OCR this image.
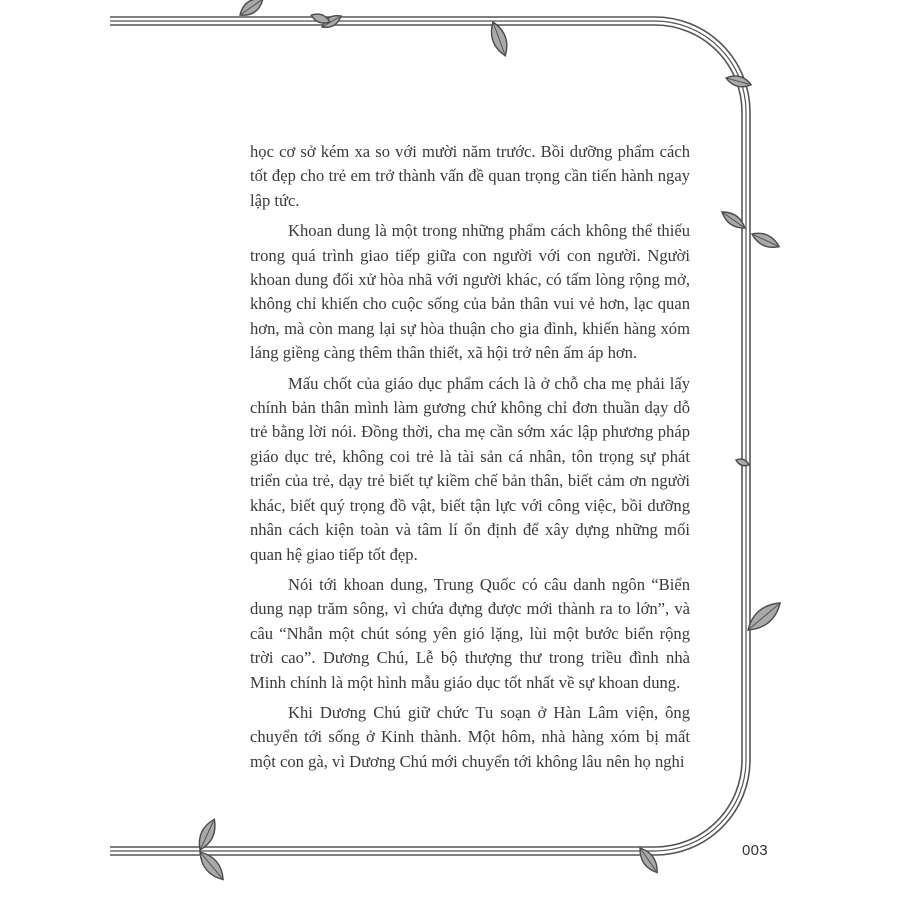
học cơ sở kém xa so với mười năm trước. Bồi dưỡng phẩm cách tốt đẹp cho trẻ em trở thành vấn đề quan trọng cần tiến hành ngay lập tức.

Khoan dung là một trong những phẩm cách không thể thiếu trong quá trình giao tiếp giữa con người với con người. Người khoan dung đối xử hòa nhã với người khác, có tấm lòng rộng mở, không chỉ khiến cho cuộc sống của bản thân vui vẻ hơn, lạc quan hơn, mà còn mang lại sự hòa thuận cho gia đình, khiến hàng xóm láng giềng càng thêm thân thiết, xã hội trở nên ấm áp hơn.

Mấu chốt của giáo dục phẩm cách là ở chỗ cha mẹ phải lấy chính bản thân mình làm gương chứ không chỉ đơn thuần dạy dỗ trẻ bằng lời nói. Đồng thời, cha mẹ cần sớm xác lập phương pháp giáo dục trẻ, không coi trẻ là tài sản cá nhân, tôn trọng sự phát triển của trẻ, dạy trẻ biết tự kiềm chế bản thân, biết cảm ơn người khác, biết quý trọng đồ vật, biết tận lực với công việc, bồi dưỡng nhân cách kiện toàn và tâm lí ổn định để xây dựng những mối quan hệ giao tiếp tốt đẹp.

Nói tới khoan dung, Trung Quốc có câu danh ngôn “Biển dung nạp trăm sông, vì chứa đựng được mới thành ra to lớn”, và câu “Nhẫn một chút sóng yên gió lặng, lùi một bước biển rộng trời cao”. Dương Chú, Lễ bộ thượng thư trong triều đình nhà Minh chính là một hình mẫu giáo dục tốt nhất về sự khoan dung.

Khi Dương Chú giữ chức Tu soạn ở Hàn Lâm viện, ông chuyển tới sống ở Kinh thành. Một hôm, nhà hàng xóm bị mất một con gà, vì Dương Chú mới chuyển tới không lâu nên họ nghi

003
